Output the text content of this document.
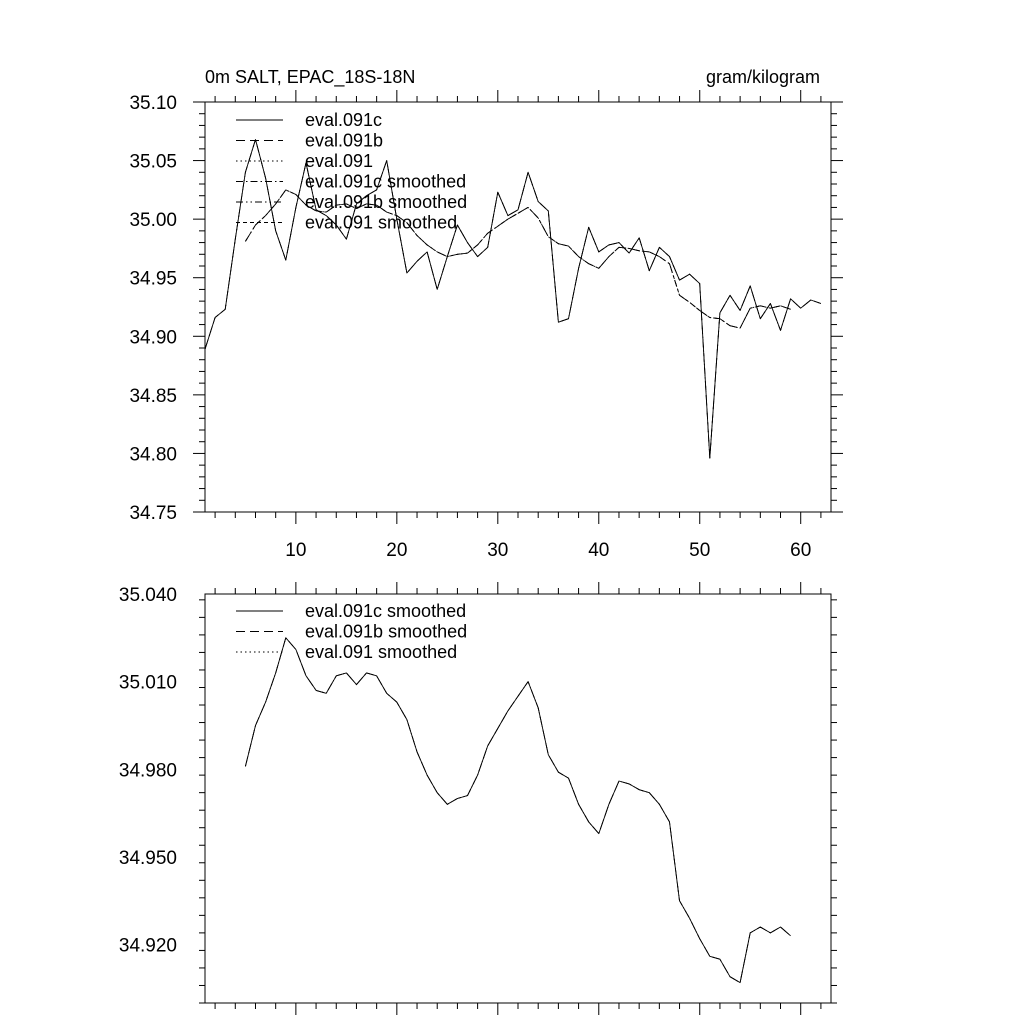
0m SALT, EPAC_18S-18N	gram/kilogram
10	20	30	40	50	60
34.75
34.80
34.85
34.90
34.95
35.00
35.05
35.10
eval.091c
eval.091b
eval.091
eval.091c smoothed
eval.091b smoothed
eval.091 smoothed
34.920
34.950
34.980
35.010
35.040
eval.091c smoothed
eval.091b smoothed
eval.091 smoothed
